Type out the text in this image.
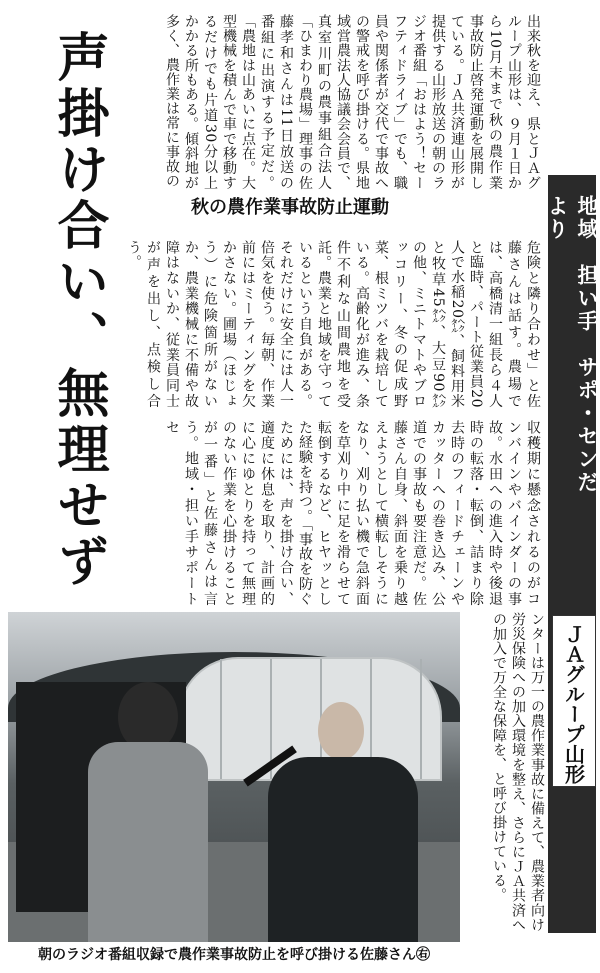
地域　担い手　サポ・センだより
ＪＡグループ山形
声掛け合い、無理せず	秋の農作業事故防止運動
出来秋を迎え、県とＪＡグループ山形は、９月１日から10月末まで秋の農作業事故防止啓発運動を展開している。ＪＡ共済連山形が提供する山形放送の朝のラジオ番組「おはよう！セーフティドライブ」でも、職員や関係者が交代で事故への警戒を呼び掛ける。県地域営農法人協議会会員で、真室川町の農事組合法人「ひまわり農場」理事の佐藤孝和さんは11日放送の番組に出演する予定だ。「農地は山あいに点在。大型機械を積んで車で移動するだけでも片道30分以上かかる所もある。傾斜地が多く、農作業は常に事故の
危険と隣り合わせ」と佐藤さんは話す。農場では、高橋清一組長ら４人と臨時、パート従業員20人で水稲20㌶、飼料用米と牧草45㌶、大豆90㌶の他、ミニトマトやブロッコリー、冬の促成野菜、根ミツバを栽培している。高齢化が進み、条件不利な山間農地を受託。農業と地域を守っているという自負がある。それだけに安全には人一倍気を使う。毎朝、作業前にはミーティングを欠かさない。圃場（ほじょう）に危険箇所がないか、農業機械に不備や故障はないか、従業員同士が声を出し、点検し合う。
収穫期に懸念されるのがコンバインやバインダーの事故。水田への進入時や後退時の転落・転倒、詰まり除去時のフィードチェーンやカッターへの巻き込み、公道での事故も要注意だ。佐藤さん自身、斜面を乗り越えようとして横転しそうになり、刈り払い機で急斜面を草刈り中に足を滑らせて転倒するなど、ヒヤッとした経験を持つ。「事故を防ぐためには、声を掛け合い、適度に休息を取り、計画的に心にゆとりを持って無理のない作業を心掛けることが一番」と佐藤さんは言う。地域・担い手サポートセ
ンターは万一の農作業事故に備えて、農業者向け労災保険への加入環境を整え、さらにＪＡ共済への加入で万全な保障を、と呼び掛けている。
朝のラジオ番組収録で農作業事故防止を呼び掛ける佐藤さん㊨
